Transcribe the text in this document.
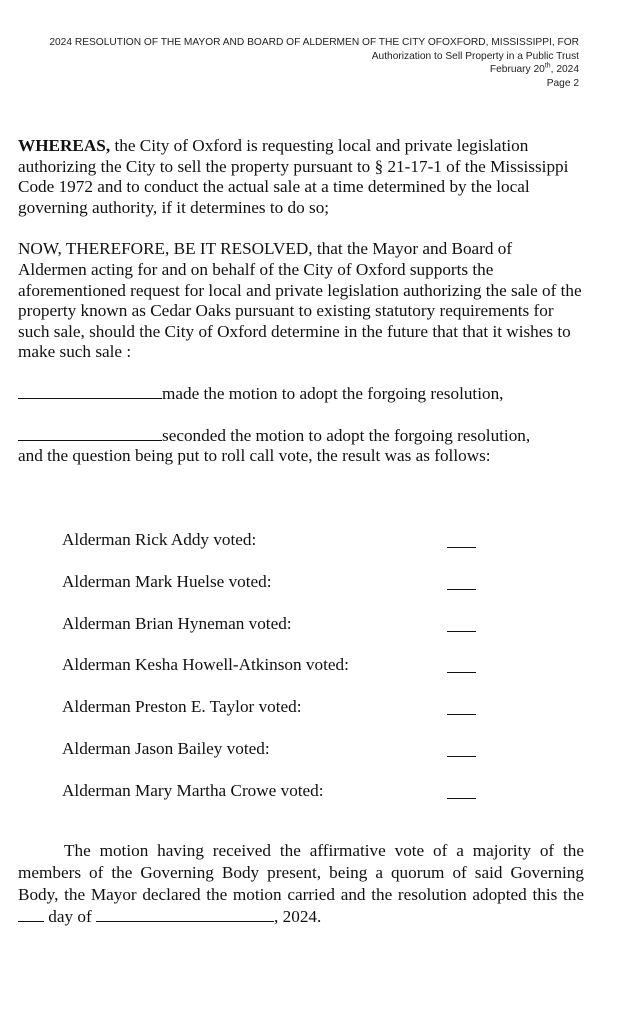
2024 RESOLUTION OF THE MAYOR AND BOARD OF ALDERMEN OF THE CITY OFOXFORD, MISSISSIPPI, FOR
Authorization to Sell Property in a Public Trust
February 20th, 2024
Page 2

WHEREAS, the City of Oxford is requesting local and private legislation authorizing the City to sell the property pursuant to § 21-17-1 of the Mississippi Code 1972 and to conduct the actual sale at a time determined by the local governing authority, if it determines to do so;

NOW, THEREFORE, BE IT RESOLVED, that the Mayor and Board of Aldermen acting for and on behalf of the City of Oxford supports the aforementioned request for local and private legislation authorizing the sale of the property known as Cedar Oaks pursuant to existing statutory requirements for such sale, should the City of Oxford determine in the future that that it wishes to make such sale :

made the motion to adopt the forgoing resolution,

seconded the motion to adopt the forgoing resolution,
and the question being put to roll call vote, the result was as follows:

Alderman Rick Addy voted:
Alderman Mark Huelse voted:
Alderman Brian Hyneman voted:
Alderman Kesha Howell-Atkinson voted:
Alderman Preston E. Taylor voted:
Alderman Jason Bailey voted:
Alderman Mary Martha Crowe voted:
The motion having received the affirmative vote of a majority of the members of the Governing Body present, being a quorum of said Governing Body, the Mayor declared the motion carried and the resolution adopted this the  day of	, 2024.
